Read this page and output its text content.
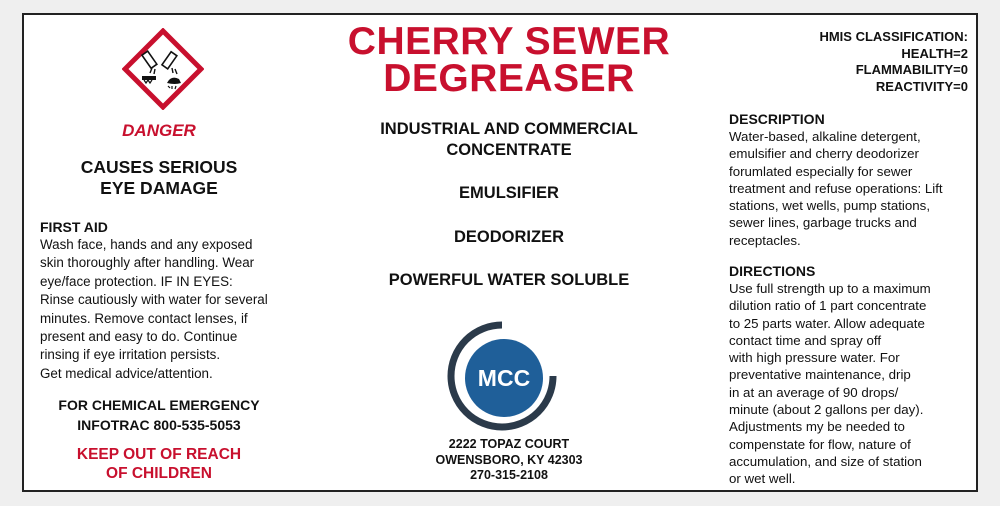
DANGER
CAUSES SERIOUS
EYE DAMAGE
FIRST AID
Wash face, hands and any exposed
skin thoroughly after handling. Wear
eye/face protection. IF IN EYES:
Rinse cautiously with water for several
minutes. Remove contact lenses, if
present and easy to do. Continue
rinsing if eye irritation persists.
Get medical advice/attention.
FOR CHEMICAL EMERGENCY
INFOTRAC 800-535-5053
KEEP OUT OF REACH
OF CHILDREN
CHERRY SEWER
DEGREASER
INDUSTRIAL AND COMMERCIAL
CONCENTRATE
EMULSIFIER
DEODORIZER
POWERFUL WATER SOLUBLE
MCC
2222 TOPAZ COURT
OWENSBORO, KY 42303
270-315-2108
HMIS CLASSIFICATION:
HEALTH=2
FLAMMABILITY=0
REACTIVITY=0
DESCRIPTION
Water-based, alkaline detergent,
emulsifier and cherry deodorizer
forumlated especially for sewer
treatment and refuse operations: Lift
stations, wet wells, pump stations,
sewer lines, garbage trucks and
receptacles.
DIRECTIONS
Use full strength up to a maximum
dilution ratio of 1 part concentrate
to 25 parts water. Allow adequate
contact time and spray off
with high pressure water. For
preventative maintenance, drip
in at an average of 90 drops/
minute (about 2 gallons per day).
Adjustments my be needed to
compenstate for flow, nature of
accumulation, and size of station
or wet well.
